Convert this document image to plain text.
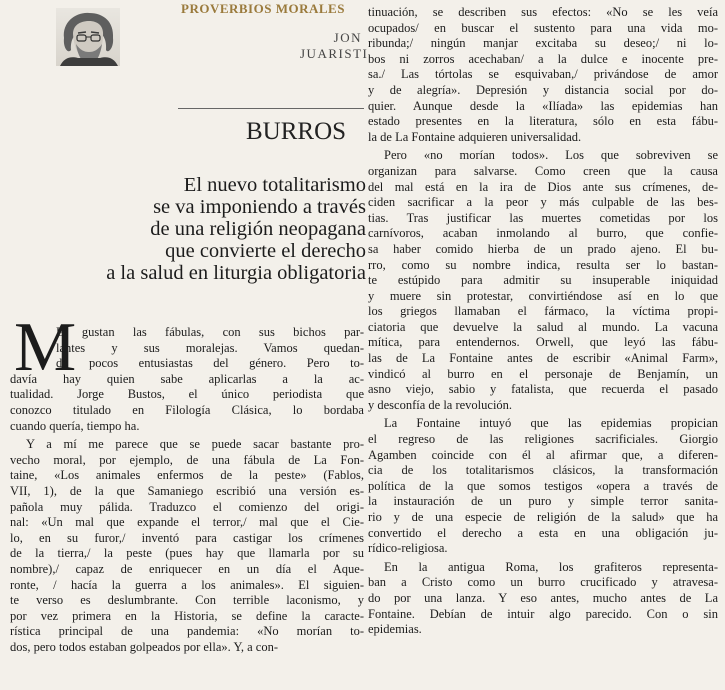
PROVERBIOS MORALES
JON
JUARISTI
BURROS
El nuevo totalitarismo
se va imponiendo a través
de una religión neopagana
que convierte el derecho
a la salud en liturgia obligatoria
M
E gustan las fábulas, con sus bichos par-
lantes y sus moralejas. Vamos quedan-
do pocos entusiastas del género. Pero to-
davía hay quien sabe aplicarlas a la ac-
tualidad. Jorge Bustos, el único periodista que
conozco titulado en Filología Clásica, lo bordaba
cuando quería, tiempo ha.
Y a mí me parece que se puede sacar bastante pro-
vecho moral, por ejemplo, de una fábula de La Fon-
taine, «Los animales enfermos de la peste» (Fablos,
VII, 1), de la que Samaniego escribió una versión es-
pañola muy pálida. Traduzco el comienzo del origi-
nal: «Un mal que expande el terror,/ mal que el Cie-
lo, en su furor,/ inventó para castigar los crímenes
de la tierra,/ la peste (pues hay que llamarla por su
nombre),/ capaz de enriquecer en un día el Aque-
ronte, / hacía la guerra a los animales». El siguien-
te verso es deslumbrante. Con terrible laconismo, y
por vez primera en la Historia, se define la caracte-
rística principal de una pandemia: «No morían to-
dos, pero todos estaban golpeados por ella». Y, a con-
tinuación, se describen sus efectos: «No se les veía
ocupados/ en buscar el sustento para una vida mo-
ribunda;/ ningún manjar excitaba su deseo;/ ni lo-
bos ni zorros acechaban/ a la dulce e inocente pre-
sa./ Las tórtolas se esquivaban,/ privándose de amor
y de alegría». Depresión y distancia social por do-
quier. Aunque desde la «Ilíada» las epidemias han
estado presentes en la literatura, sólo en esta fábu-
la de La Fontaine adquieren universalidad.
Pero «no morían todos». Los que sobreviven se
organizan para salvarse. Como creen que la causa
del mal está en la ira de Dios ante sus crímenes, de-
ciden sacrificar a la peor y más culpable de las bes-
tias. Tras justificar las muertes cometidas por los
carnívoros, acaban inmolando al burro, que confie-
sa haber comido hierba de un prado ajeno. El bu-
rro, como su nombre indica, resulta ser lo bastan-
te estúpido para admitir su insuperable iniquidad
y muere sin protestar, convirtiéndose así en lo que
los griegos llamaban el fármaco, la víctima propi-
ciatoria que devuelve la salud al mundo. La vacuna
mítica, para entendernos. Orwell, que leyó las fábu-
las de La Fontaine antes de escribir «Animal Farm»,
vindicó al burro en el personaje de Benjamín, un
asno viejo, sabio y fatalista, que recuerda el pasado
y desconfía de la revolución.
La Fontaine intuyó que las epidemias propician
el regreso de las religiones sacrificiales. Giorgio
Agamben coincide con él al afirmar que, a diferen-
cia de los totalitarismos clásicos, la transformación
política de la que somos testigos «opera a través de
la instauración de un puro y simple terror sanita-
rio y de una especie de religión de la salud» que ha
convertido el derecho a esta en una obligación ju-
rídico-religiosa.
En la antigua Roma, los grafiteros representa-
ban a Cristo como un burro crucificado y atravesa-
do por una lanza. Y eso antes, mucho antes de La
Fontaine. Debían de intuir algo parecido. Con o sin
epidemias.
